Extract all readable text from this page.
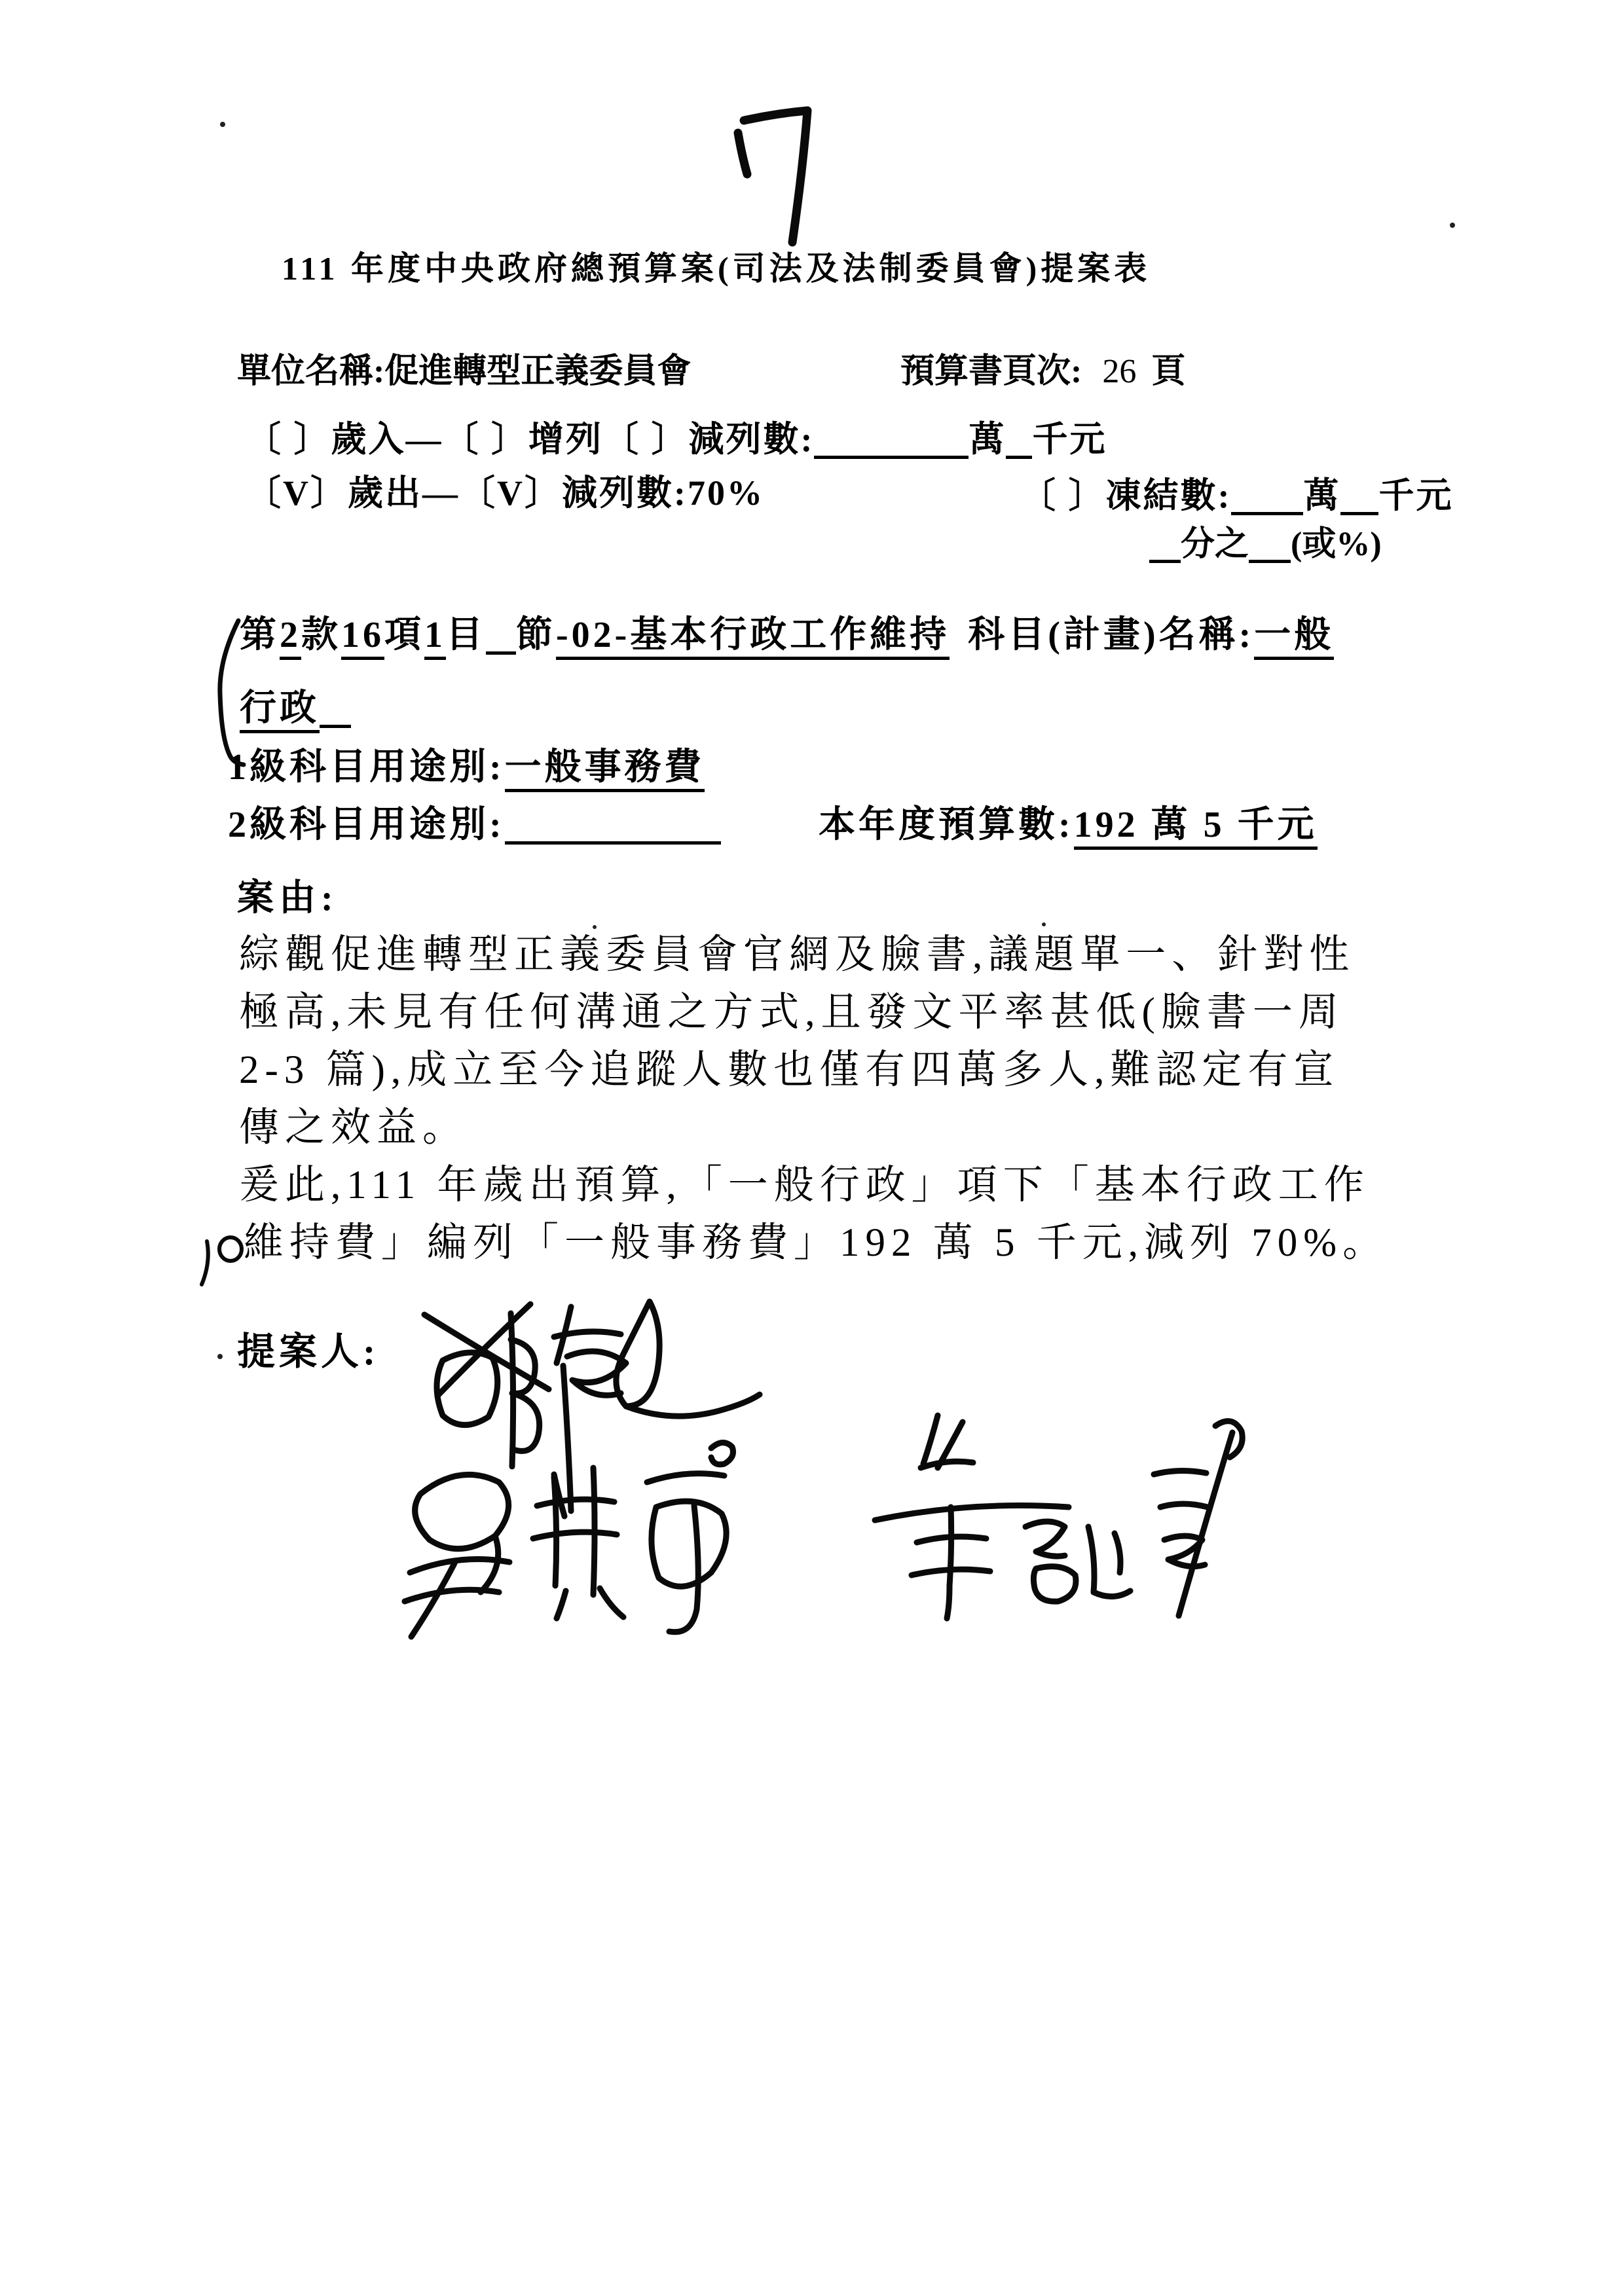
111 年度中央政府總預算案(司法及法制委員會)提案表
單位名稱:促進轉型正義委員會	預算書頁次: 26 頁
〔 〕歲入—〔 〕增列〔 〕減列數:	萬 千元
〔V〕歲出—〔V〕減列數:70%	〔 〕凍結數: 萬 千元
分之 (或%)
第2款16項1目 節-02-基本行政工作維持 科目(計畫)名稱:一般
行政
1級科目用途別:一般事務費
2級科目用途別:	本年度預算數:192 萬 5 千元
案由:
綜觀促進轉型正義委員會官網及臉書,議題單一、針對性
極高,未見有任何溝通之方式,且發文平率甚低(臉書一周
2-3 篇),成立至今追蹤人數也僅有四萬多人,難認定有宣
傳之效益。
爰此,111 年歲出預算,「一般行政」項下「基本行政工作
維持費」編列「一般事務費」192 萬 5 千元,減列 70%。
提案人:
